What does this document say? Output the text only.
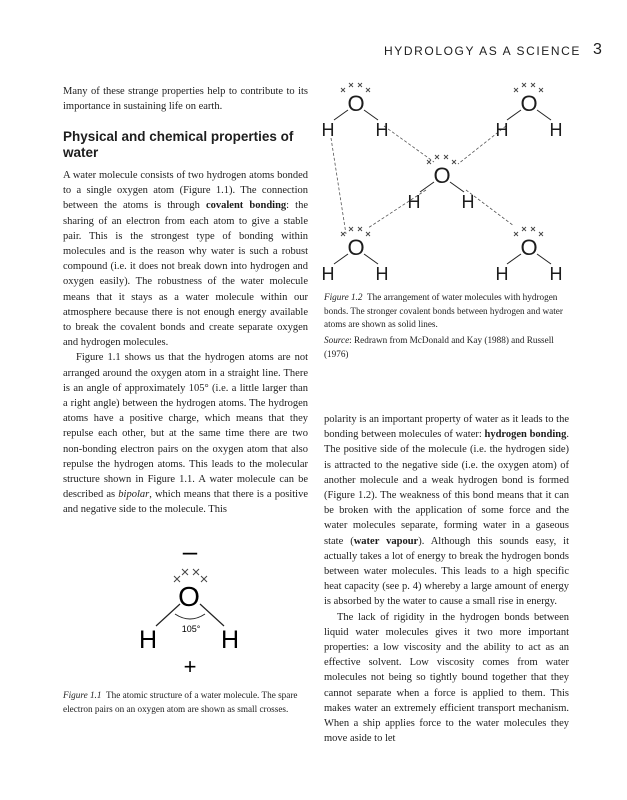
HYDROLOGY AS A SCIENCE 3
Many of these strange properties help to contribute to its importance in sustaining life on earth.
Physical and chemical properties of water

A water molecule consists of two hydrogen atoms bonded to a single oxygen atom (Figure 1.1). The connection between the atoms is through covalent bonding: the sharing of an electron from each atom to give a stable pair. This is the strongest type of bonding within molecules and is the reason why water is such a robust compound (i.e. it does not break down into hydrogen and oxygen easily). The robustness of the water molecule means that it stays as a water molecule within our atmosphere because there is not enough energy available to break the covalent bonds and create separate oxygen and hydrogen molecules.

Figure 1.1 shows us that the hydrogen atoms are not arranged around the oxygen atom in a straight line. There is an angle of approximately 105° (i.e. a little larger than a right angle) between the hydrogen atoms. The hydrogen atoms have a positive charge, which means that they repulse each other, but at the same time there are two non-bonding electron pairs on the oxygen atom that also repulse the hydrogen atoms. This leads to the molecular structure shown in Figure 1.1. A water molecule can be described as bipolar, which means that there is a positive and negative side to the molecule. This

–
O
105°
H	H
+
Figure 1.1 The atomic structure of a water molecule. The spare electron pairs on an oxygen atom are shown as small crosses.
O
H H
O
H H
O
H H
O
H H
O
H H
Figure 1.2 The arrangement of water molecules with hydrogen bonds. The stronger covalent bonds between hydrogen and water atoms are shown as solid lines.
Source: Redrawn from McDonald and Kay (1988) and Russell (1976)

polarity is an important property of water as it leads to the bonding between molecules of water: hydrogen bonding. The positive side of the molecule (i.e. the hydrogen side) is attracted to the negative side (i.e. the oxygen atom) of another molecule and a weak hydrogen bond is formed (Figure 1.2). The weakness of this bond means that it can be broken with the application of some force and the water molecules separate, forming water in a gaseous state (water vapour). Although this sounds easy, it actually takes a lot of energy to break the hydrogen bonds between water molecules. This leads to a high specific heat capacity (see p. 4) whereby a large amount of energy is absorbed by the water to cause a small rise in energy.

The lack of rigidity in the hydrogen bonds between liquid water molecules gives it two more important properties: a low viscosity and the ability to act as an effective solvent. Low viscosity comes from water molecules not being so tightly bound together that they cannot separate when a force is applied to them. This makes water an extremely efficient transport mechanism. When a ship applies force to the water molecules they move aside to let
